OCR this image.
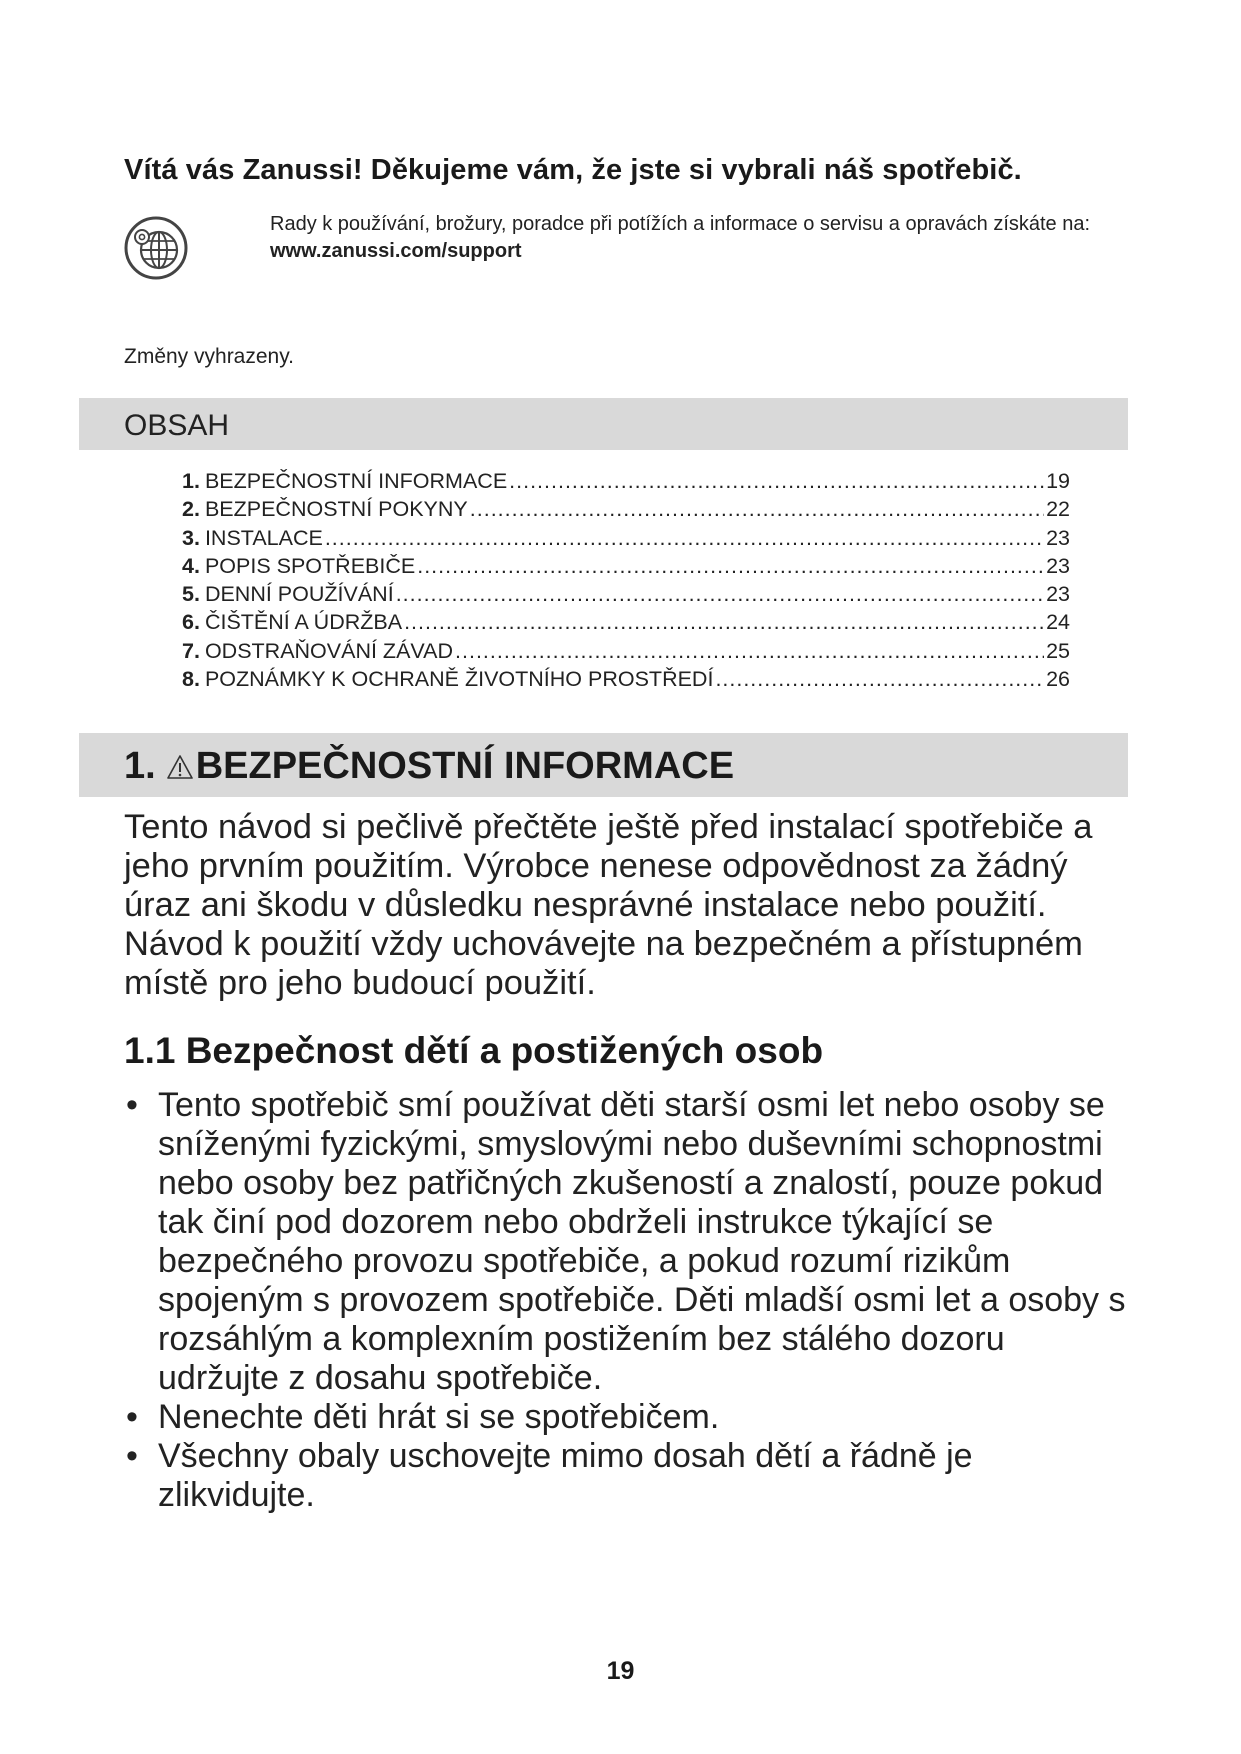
Vítá vás Zanussi! Děkujeme vám, že jste si vybrali náš spotřebič.
Rady k používání, brožury, poradce při potížích a informace o servisu a opravách získáte na:
www.zanussi.com/support
Změny vyhrazeny.
OBSAH
1. BEZPEČNOSTNÍ INFORMACE .....	19
2. BEZPEČNOSTNÍ POKYNY .....	22
3. INSTALACE .....	23
4. POPIS SPOTŘEBIČE .....	23
5. DENNÍ POUŽÍVÁNÍ .....	23
6. ČIŠTĚNÍ A ÚDRŽBA .....	24
7. ODSTRAŇOVÁNÍ ZÁVAD .....	25
8. POZNÁMKY K OCHRANĚ ŽIVOTNÍHO PROSTŘEDÍ .....	26
1. BEZPEČNOSTNÍ INFORMACE
Tento návod si pečlivě přečtěte ještě před instalací spotřebiče a jeho prvním použitím. Výrobce nenese odpovědnost za žádný úraz ani škodu v důsledku nesprávné instalace nebo použití. Návod k použití vždy uchovávejte na bezpečném a přístupném místě pro jeho budoucí použití.
1.1 Bezpečnost dětí a postižených osob
• Tento spotřebič smí používat děti starší osmi let nebo osoby se sníženými fyzickými, smyslovými nebo duševními schopnostmi nebo osoby bez patřičných zkušeností a znalostí, pouze pokud tak činí pod dozorem nebo obdrželi instrukce týkající se bezpečného provozu spotřebiče, a pokud rozumí rizikům spojeným s provozem spotřebiče. Děti mladší osmi let a osoby s rozsáhlým a komplexním postižením bez stálého dozoru udržujte z dosahu spotřebiče.
• Nenechte děti hrát si se spotřebičem.
• Všechny obaly uschovejte mimo dosah dětí a řádně je zlikvidujte.
19
